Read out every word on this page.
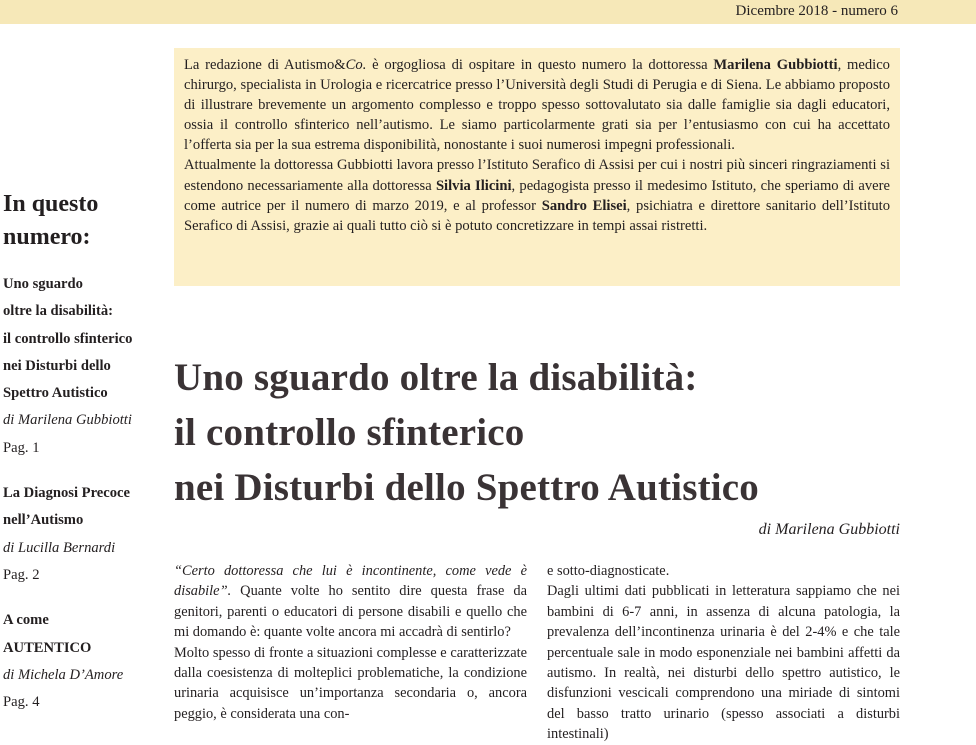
Dicembre 2018 - numero 6

La redazione di Autismo&Co. è orgogliosa di ospitare in questo numero la dottoressa Marilena Gubbiotti, medico chirurgo, specialista in Urologia e ricercatrice presso l’Università degli Studi di Perugia e di Siena. Le abbiamo proposto di illustrare brevemente un argomento complesso e troppo spesso sottovalutato sia dalle famiglie sia dagli educatori, ossia il controllo sfinterico nell’autismo. Le siamo particolarmente grati sia per l’entusiasmo con cui ha accettato l’offerta sia per la sua estrema disponibilità, nonostante i suoi numerosi impegni professionali.

Attualmente la dottoressa Gubbiotti lavora presso l’Istituto Serafico di Assisi per cui i nostri più sinceri ringraziamenti si estendono necessariamente alla dottoressa Silvia Ilicini, pedagogista presso il medesimo Istituto, che speriamo di avere come autrice per il numero di marzo 2019, e al professor Sandro Elisei, psichiatra e direttore sanitario dell’Istituto Serafico di Assisi, grazie ai quali tutto ciò si è potuto concretizzare in tempi assai ristretti.

In questo
numero:
Uno sguardo
oltre la disabilità:
il controllo sfinterico
nei Disturbi dello
Spettro Autistico
di Marilena Gubbiotti
Pag. 1
La Diagnosi Precoce
nell’Autismo
di Lucilla Bernardi
Pag. 2
A come
AUTENTICO
di Michela D’Amore
Pag. 4
Uno sguardo oltre la disabilità:
il controllo sfinterico
nei Disturbi dello Spettro Autistico
di Marilena Gubbiotti

“Certo dottoressa che lui è incontinente, come vede è disabile”. Quante volte ho sentito dire questa frase da genitori, parenti o educatori di persone disabili e quello che mi domando è: quante volte ancora mi accadrà di sentirlo?

Molto spesso di fronte a situazioni complesse e caratterizzate dalla coesistenza di molteplici problematiche, la condizione urinaria acquisisce un’importanza secondaria o, ancora peggio, è considerata una con-

e sotto-diagnosticate.

Dagli ultimi dati pubblicati in letteratura sappiamo che nei bambini di 6-7 anni, in assenza di alcuna patologia, la prevalenza dell’incontinenza urinaria è del 2-4% e che tale percentuale sale in modo esponenziale nei bambini affetti da autismo. In realtà, nei disturbi dello spettro autistico, le disfunzioni vescicali comprendono una miriade di sintomi del basso tratto urinario (spesso associati a disturbi intestinali)
